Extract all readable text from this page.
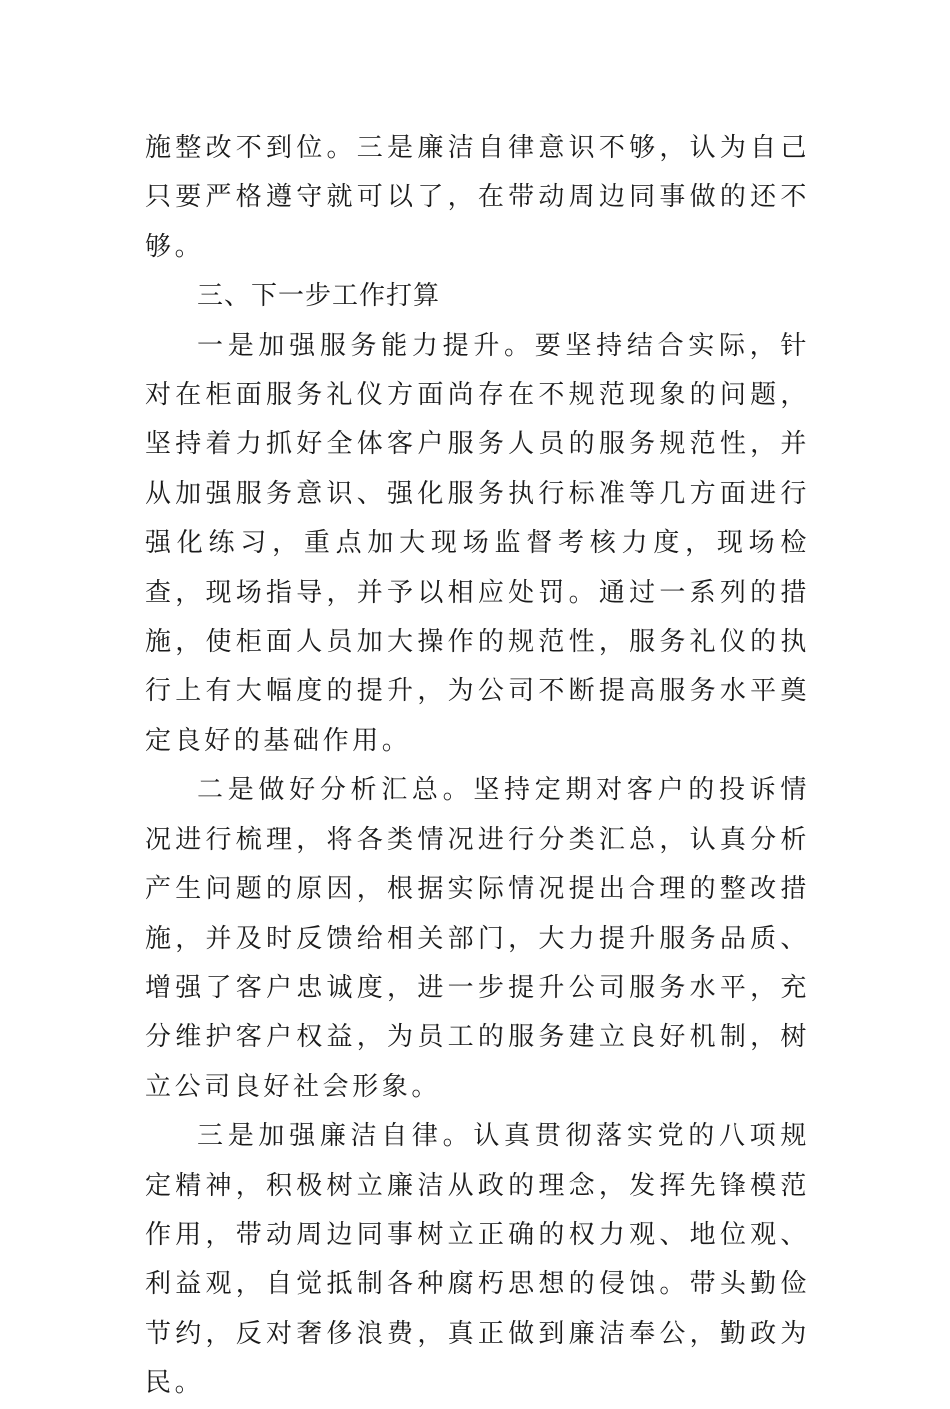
施整改不到位。三是廉洁自律意识不够，认为自己只要严格遵守就可以了，在带动周边同事做的还不够。

三、下一步工作打算

一是加强服务能力提升。要坚持结合实际，针对在柜面服务礼仪方面尚存在不规范现象的问题，坚持着力抓好全体客户服务人员的服务规范性，并从加强服务意识、强化服务执行标准等几方面进行强化练习，重点加大现场监督考核力度，现场检查，现场指导，并予以相应处罚。通过一系列的措施，使柜面人员加大操作的规范性，服务礼仪的执行上有大幅度的提升，为公司不断提高服务水平奠定良好的基础作用。

二是做好分析汇总。坚持定期对客户的投诉情况进行梳理，将各类情况进行分类汇总，认真分析产生问题的原因，根据实际情况提出合理的整改措施，并及时反馈给相关部门，大力提升服务品质、增强了客户忠诚度，进一步提升公司服务水平，充分维护客户权益，为员工的服务建立良好机制，树立公司良好社会形象。

三是加强廉洁自律。认真贯彻落实党的八项规定精神，积极树立廉洁从政的理念，发挥先锋模范作用，带动周边同事树立正确的权力观、地位观、利益观，自觉抵制各种腐朽思想的侵蚀。带头勤俭节约，反对奢侈浪费，真正做到廉洁奉公，勤政为民。
